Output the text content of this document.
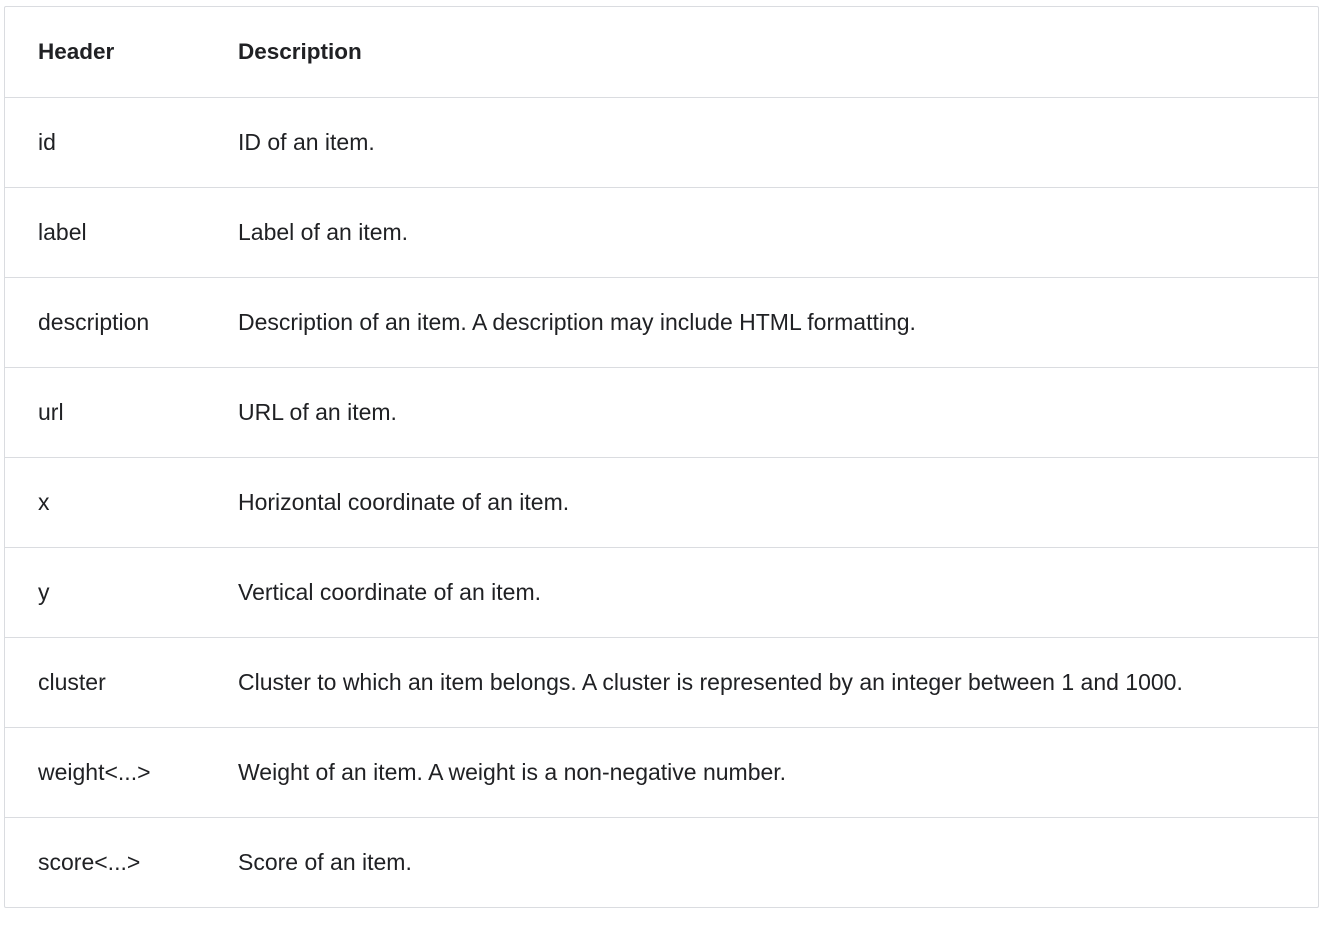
Header	Description
id	ID of an item.
label	Label of an item.
description	Description of an item. A description may include HTML formatting.
url	URL of an item.
x	Horizontal coordinate of an item.
y	Vertical coordinate of an item.
cluster	Cluster to which an item belongs. A cluster is represented by an integer between 1 and 1000.
weight<...>	Weight of an item. A weight is a non-negative number.
score<...>	Score of an item.
